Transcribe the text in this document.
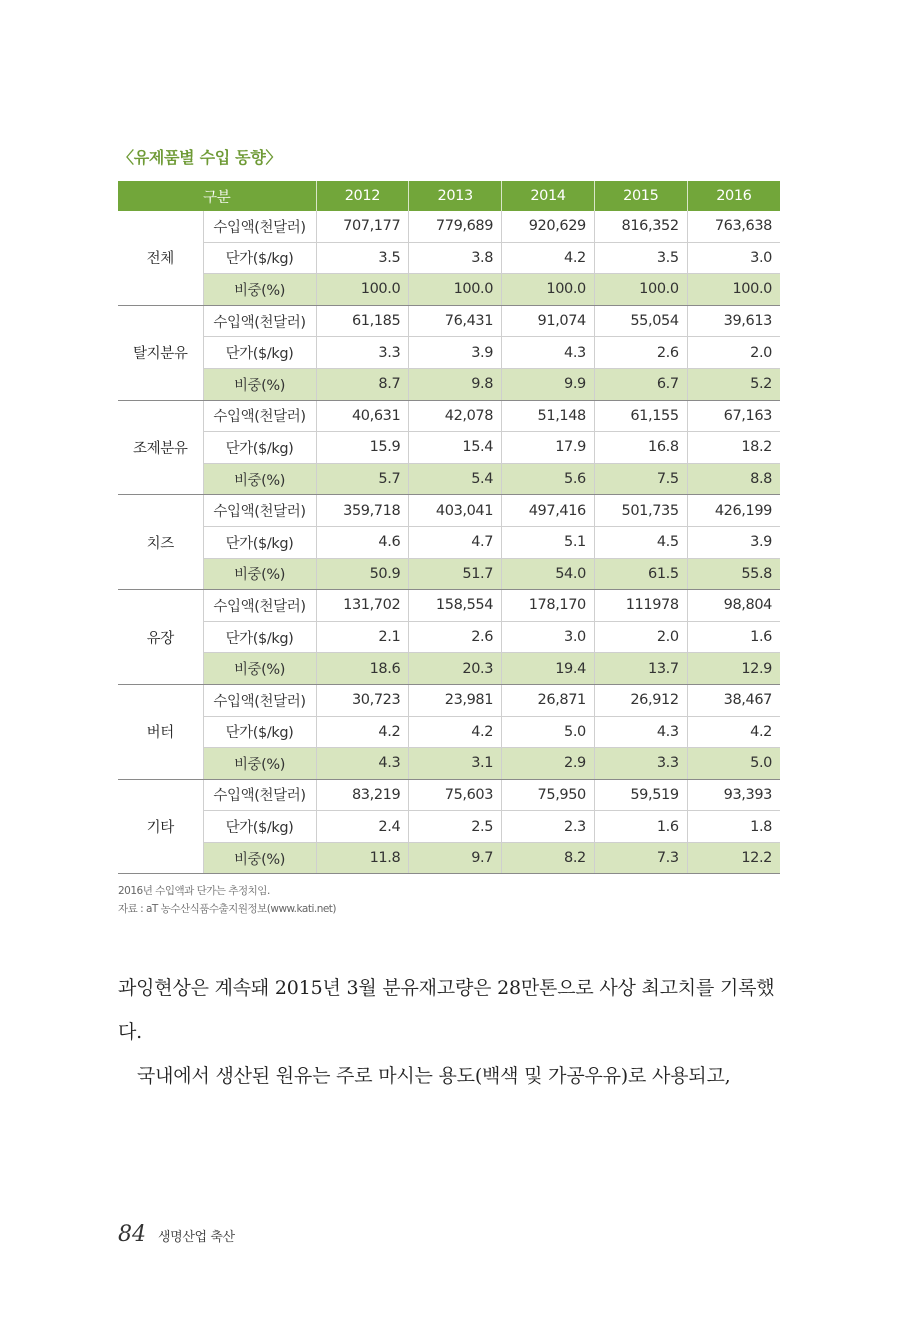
〈유제품별 수입 동향〉
구분		2012	2013	2014	2015	2016
전체	수입액(천달러)	707,177	779,689	920,629	816,352	763,638
	단가($/kg)	3.5	3.8	4.2	3.5	3.0
	비중(%)	100.0	100.0	100.0	100.0	100.0
탈지분유	수입액(천달러)	61,185	76,431	91,074	55,054	39,613
	단가($/kg)	3.3	3.9	4.3	2.6	2.0
	비중(%)	8.7	9.8	9.9	6.7	5.2
조제분유	수입액(천달러)	40,631	42,078	51,148	61,155	67,163
	단가($/kg)	15.9	15.4	17.9	16.8	18.2
	비중(%)	5.7	5.4	5.6	7.5	8.8
치즈	수입액(천달러)	359,718	403,041	497,416	501,735	426,199
	단가($/kg)	4.6	4.7	5.1	4.5	3.9
	비중(%)	50.9	51.7	54.0	61.5	55.8
유장	수입액(천달러)	131,702	158,554	178,170	111978	98,804
	단가($/kg)	2.1	2.6	3.0	2.0	1.6
	비중(%)	18.6	20.3	19.4	13.7	12.9
버터	수입액(천달러)	30,723	23,981	26,871	26,912	38,467
	단가($/kg)	4.2	4.2	5.0	4.3	4.2
	비중(%)	4.3	3.1	2.9	3.3	5.0
기타	수입액(천달러)	83,219	75,603	75,950	59,519	93,393
	단가($/kg)	2.4	2.5	2.3	1.6	1.8
	비중(%)	11.8	9.7	8.2	7.3	12.2
2016년 수입액과 단가는 추정치임.
자료 : aT 농수산식품수출지원정보(www.kati.net)

과잉현상은 계속돼 2015년 3월 분유재고량은 28만톤으로 사상 최고치를 기록했다.

국내에서 생산된 원유는 주로 마시는 용도(백색 및 가공우유)로 사용되고,

84 생명산업 축산
